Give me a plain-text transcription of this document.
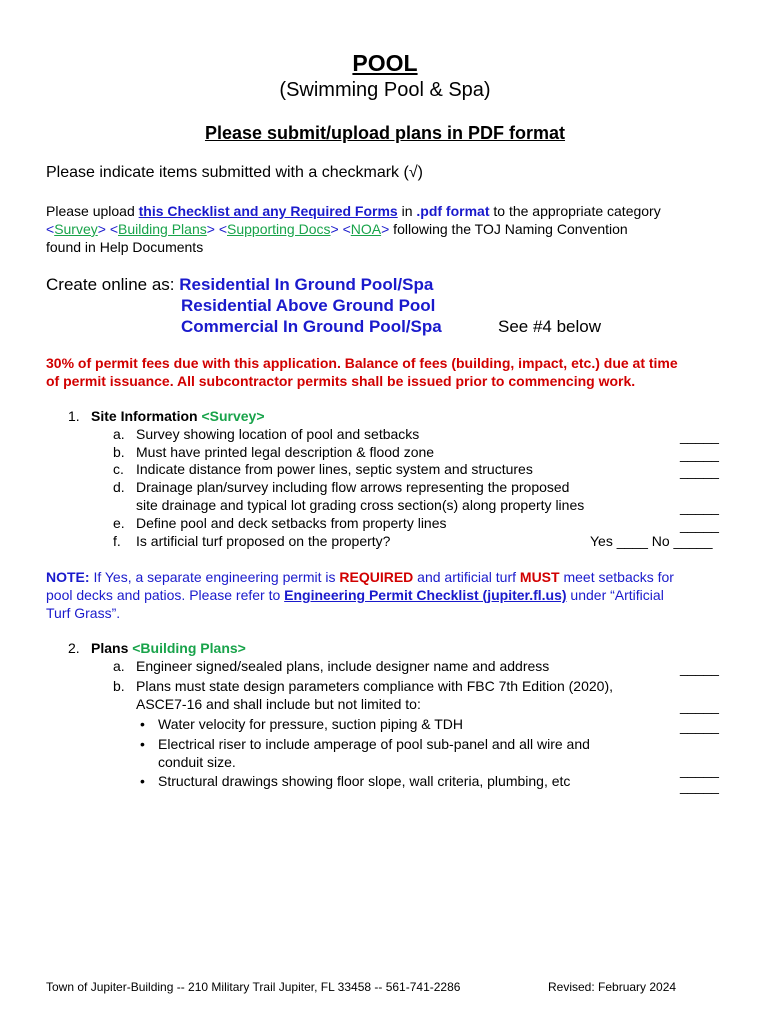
POOL
(Swimming Pool & Spa)
Please submit/upload plans in PDF format
Please indicate items submitted with a checkmark (√)
Please upload this Checklist and any Required Forms in .pdf format to the appropriate category
<Survey> <Building Plans> <Supporting Docs> <NOA> following the TOJ Naming Convention
found in Help Documents
Create online as: Residential In Ground Pool/Spa
Residential Above Ground Pool
Commercial In Ground Pool/Spa	See #4 below
30% of permit fees due with this application. Balance of fees (building, impact, etc.) due at time
of permit issuance. All subcontractor permits shall be issued prior to commencing work.
1. Site Information <Survey>
a. Survey showing location of pool and setbacks	_____
b. Must have printed legal description & flood zone	_____
c. Indicate distance from power lines, septic system and structures	_____
d. Drainage plan/survey including flow arrows representing the proposed
site drainage and typical lot grading cross section(s) along property lines	_____
e. Define pool and deck setbacks from property lines	_____
f. Is artificial turf proposed on the property?	Yes ____ No _____
NOTE: If Yes, a separate engineering permit is REQUIRED and artificial turf MUST meet setbacks for
pool decks and patios. Please refer to Engineering Permit Checklist (jupiter.fl.us) under “Artificial
Turf Grass”.
2. Plans <Building Plans>
a. Engineer signed/sealed plans, include designer name and address	_____
b. Plans must state design parameters compliance with FBC 7th Edition (2020),
ASCE7-16 and shall include but not limited to:	_____
• Water velocity for pressure, suction piping & TDH	_____
• Electrical riser to include amperage of pool sub-panel and all wire and
conduit size.	_____
• Structural drawings showing floor slope, wall criteria, plumbing, etc	_____
Town of Jupiter-Building -- 210 Military Trail Jupiter, FL 33458 -- 561-741-2286	Revised: February 2024
